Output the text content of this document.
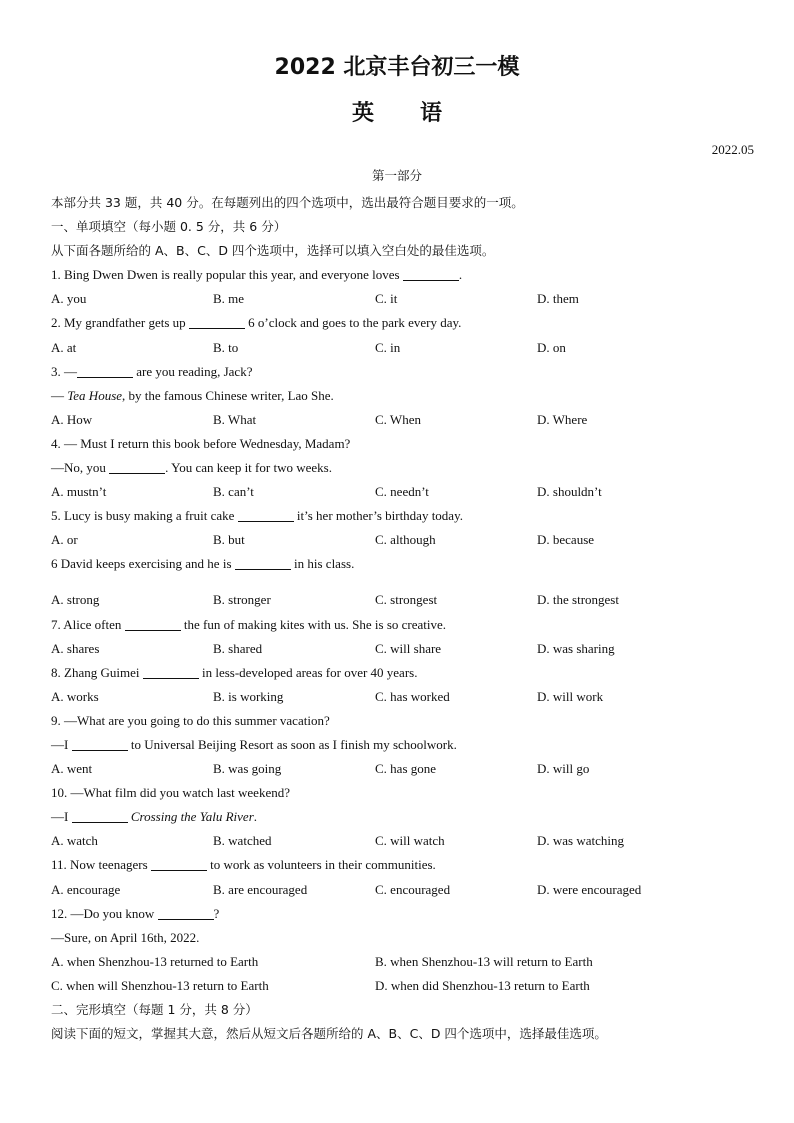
2022 北京丰台初三一模
英语
2022.05
第一部分
本部分共 33 题，共 40 分。在每题列出的四个选项中，选出最符合题目要求的一项。
一、单项填空（每小题 0. 5 分，共 6 分）
从下面各题所给的 A、B、C、D 四个选项中，选择可以填入空白处的最佳选项。
1. Bing Dwen Dwen is really popular this year, and everyone loves	.
A. you	B. me	C. it	D. them
2. My grandfather gets up	6 o’clock and goes to the park every day.
A. at	B. to	C. in	D. on
3. —	are you reading, Jack?
— Tea House, by the famous Chinese writer, Lao She.
A. How	B. What	C. When	D. Where
4. — Must I return this book before Wednesday, Madam?
—No, you	. You can keep it for two weeks.
A. mustn’t	B. can’t	C. needn’t	D. shouldn’t
5. Lucy is busy making a fruit cake	it’s her mother’s birthday today.
A. or	B. but	C. although	D. because
6 David keeps exercising and he is	in his class.
A. strong	B. stronger	C. strongest	D. the strongest
7. Alice often	the fun of making kites with us. She is so creative.
A. shares	B. shared	C. will share	D. was sharing
8. Zhang Guimei	in less-developed areas for over 40 years.
A. works	B. is working	C. has worked	D. will work
9. —What are you going to do this summer vacation?
—I	to Universal Beijing Resort as soon as I finish my schoolwork.
A. went	B. was going	C. has gone	D. will go
10. —What film did you watch last weekend?
—I	Crossing the Yalu River.
A. watch	B. watched	C. will watch	D. was watching
11. Now teenagers	to work as volunteers in their communities.
A. encourage	B. are encouraged	C. encouraged	D. were encouraged
12. —Do you know	?
—Sure, on April 16th, 2022.
A. when Shenzhou-13 returned to Earth	B. when Shenzhou-13 will return to Earth
C. when will Shenzhou-13 return to Earth	D. when did Shenzhou-13 return to Earth
二、完形填空（每题 1 分，共 8 分）
阅读下面的短文，掌握其大意，然后从短文后各题所给的 A、B、C、D 四个选项中，选择最佳选项。
